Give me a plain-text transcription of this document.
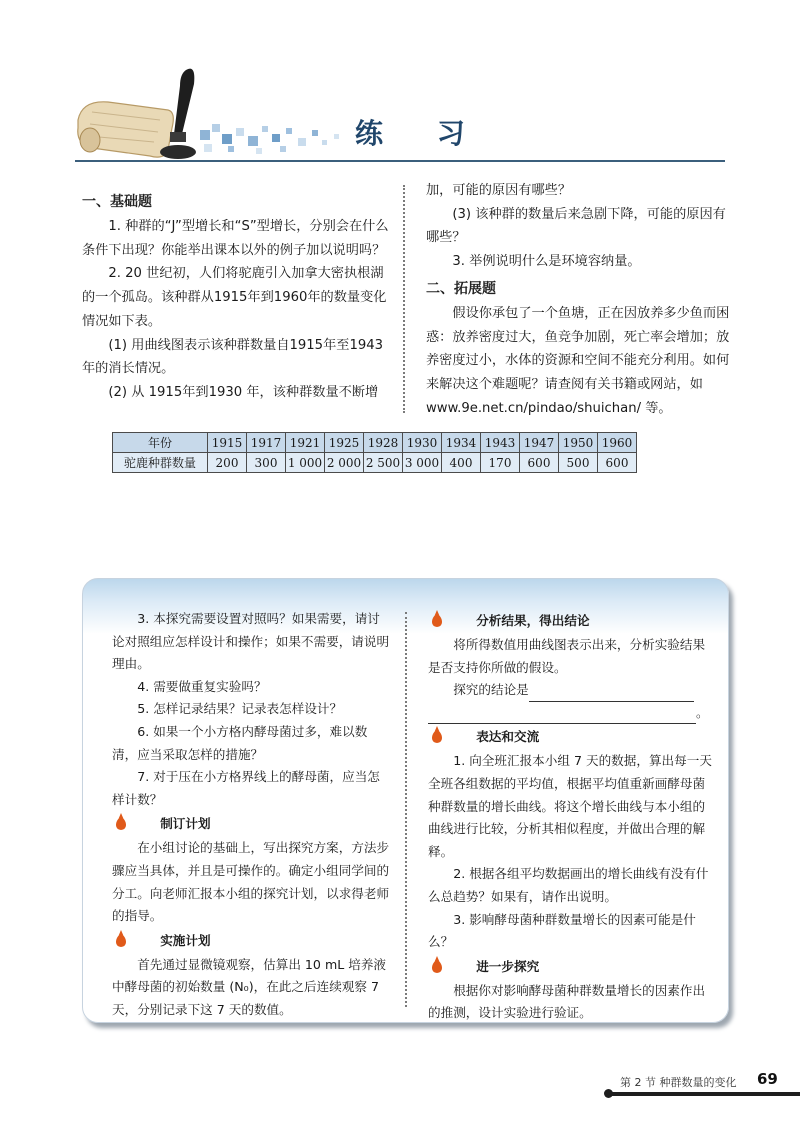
练 习

一、基础题

1. 种群的“J”型增长和“S”型增长，分别会在什么条件下出现？你能举出课本以外的例子加以说明吗？

2. 20 世纪初，人们将驼鹿引入加拿大密执根湖的一个孤岛。该种群从1915年到1960年的数量变化情况如下表。

(1) 用曲线图表示该种群数量自1915年至1943年的消长情况。

(2) 从 1915年到1930 年，该种群数量不断增

加，可能的原因有哪些？

(3) 该种群的数量后来急剧下降，可能的原因有哪些？

3. 举例说明什么是环境容纳量。

二、拓展题

假设你承包了一个鱼塘，正在因放养多少鱼而困惑：放养密度过大，鱼竞争加剧，死亡率会增加；放养密度过小，水体的资源和空间不能充分利用。如何来解决这个难题呢？请查阅有关书籍或网站，如 www.9e.net.cn/pindao/shuichan/ 等。

年份	1915	1917	1921	1925	1928	1930	1934	1943	1947	1950	1960
驼鹿种群数量	200	300	1 000	2 000	2 500	3 000	400	170	600	500	600

3. 本探究需要设置对照吗？如果需要，请讨论对照组应怎样设计和操作；如果不需要，请说明理由。

4. 需要做重复实验吗？

5. 怎样记录结果？记录表怎样设计？

6. 如果一个小方格内酵母菌过多，难以数清，应当采取怎样的措施？

7. 对于压在小方格界线上的酵母菌，应当怎样计数？

制订计划

在小组讨论的基础上，写出探究方案，方法步骤应当具体，并且是可操作的。确定小组同学间的分工。向老师汇报本小组的探究计划，以求得老师的指导。

实施计划

首先通过显微镜观察，估算出 10 mL 培养液中酵母菌的初始数量 (N₀)，在此之后连续观察 7 天，分别记录下这 7 天的数值。

分析结果，得出结论

将所得数值用曲线图表示出来，分析实验结果是否支持你所做的假设。

探究的结论是

。

表达和交流

1. 向全班汇报本小组 7 天的数据，算出每一天全班各组数据的平均值，根据平均值重新画酵母菌种群数量的增长曲线。将这个增长曲线与本小组的曲线进行比较，分析其相似程度，并做出合理的解释。

2. 根据各组平均数据画出的增长曲线有没有什么总趋势？如果有，请作出说明。

3. 影响酵母菌种群数量增长的因素可能是什么？

进一步探究

根据你对影响酵母菌种群数量增长的因素作出的推测，设计实验进行验证。

第 2 节 种群数量的变化 69
